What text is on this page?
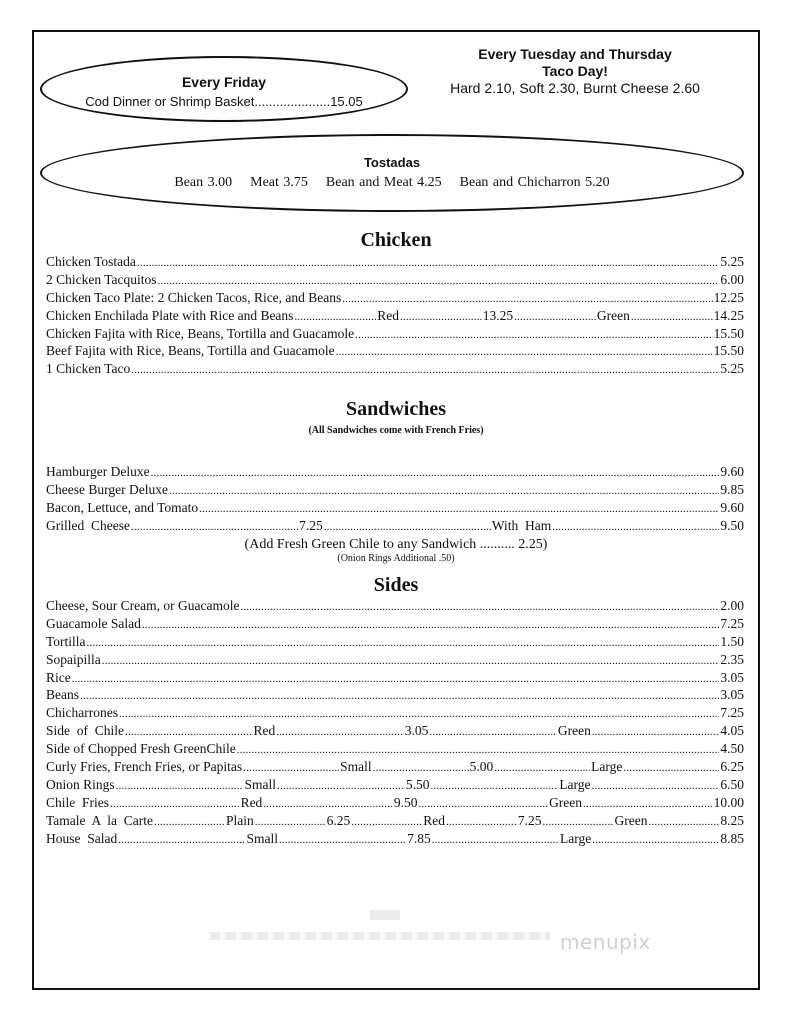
Every Friday
Cod Dinner or Shrimp Basket.....................15.05
Every Tuesday and Thursday
Taco Day!
Hard 2.10, Soft 2.30, Burnt Cheese 2.60
Tostadas
Bean 3.00    Meat 3.75    Bean and Meat 4.25    Bean and Chicharron 5.20
Chicken
Chicken Tostada .....	5.25
2 Chicken Tacquitos .....	6.00
Chicken Taco Plate: 2 Chicken Tacos, Rice, and Beans .....	12.25
Chicken Enchilada Plate with Rice and Beans .....	Red .....	13.25 .....	Green .....	14.25
Chicken Fajita with Rice, Beans, Tortilla and Guacamole .....	15.50
Beef Fajita with Rice, Beans, Tortilla and Guacamole .....	15.50
1 Chicken Taco .....	5.25
Sandwiches
(All Sandwiches come with French Fries)
Hamburger Deluxe .....	9.60
Cheese Burger Deluxe .....	9.85
Bacon, Lettuce, and Tomato .....	9.60
Grilled  Cheese .....	7.25 .....	With  Ham .....	9.50
(Add Fresh Green Chile to any Sandwich .......... 2.25)
(Onion Rings Additional .50)
Sides
Cheese, Sour Cream, or Guacamole .....	2.00
Guacamole Salad .....	7.25
Tortilla .....	1.50
Sopaipilla .....	2.35
Rice .....	3.05
Beans .....	3.05
Chicharrones .....	7.25
Side  of  Chile .....	Red .....	3.05 .....	Green .....	4.05
Side of Chopped Fresh GreenChile .....	4.50
Curly Fries, French Fries, or Papitas .....	Small .....	5.00 .....	Large .....	6.25
Onion Rings .....	Small .....	5.50 .....	Large .....	6.50
Chile  Fries .....	Red .....	9.50 .....	Green .....	10.00
Tamale  A  la  Carte .....	Plain .....	6.25 .....	Red .....	7.25 .....	Green .....	8.25
House  Salad .....	Small .....	7.85 .....	Large .....	8.85
menupix
